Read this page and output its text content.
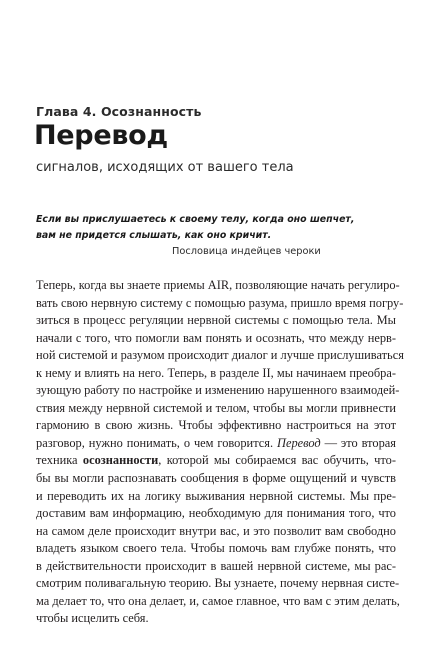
Глава 4. Осознанность
Перевод
сигналов, исходящих от вашего тела
Если вы прислушаетесь к своему телу, когда оно шепчет,
вам не придется слышать, как оно кричит.
Пословица индейцев чероки
Теперь, когда вы знаете приемы AIR, позволяющие начать регулиро-
вать свою нервную систему с помощью разума, пришло время погру-
зиться в процесс регуляции нервной системы с помощью тела. Мы
начали с того, что помогли вам понять и осознать, что между нерв-
ной системой и разумом происходит диалог и лучше прислушиваться
к нему и влиять на него. Теперь, в разделе II, мы начинаем преобра-
зующую работу по настройке и изменению нарушенного взаимодей-
ствия между нервной системой и телом, чтобы вы могли привнести
гармонию в свою жизнь. Чтобы эффективно настроиться на этот
разговор, нужно понимать, о чем говорится. Перевод — это вторая
техника осознанности, которой мы собираемся вас обучить, что-
бы вы могли распознавать сообщения в форме ощущений и чувств
и переводить их на логику выживания нервной системы. Мы пре-
доставим вам информацию, необходимую для понимания того, что
на самом деле происходит внутри вас, и это позволит вам свободно
владеть языком своего тела. Чтобы помочь вам глубже понять, что
в действительности происходит в вашей нервной системе, мы рас-
смотрим поливагальную теорию. Вы узнаете, почему нервная систе-
ма делает то, что она делает, и, самое главное, что вам с этим делать,
чтобы исцелить себя.
